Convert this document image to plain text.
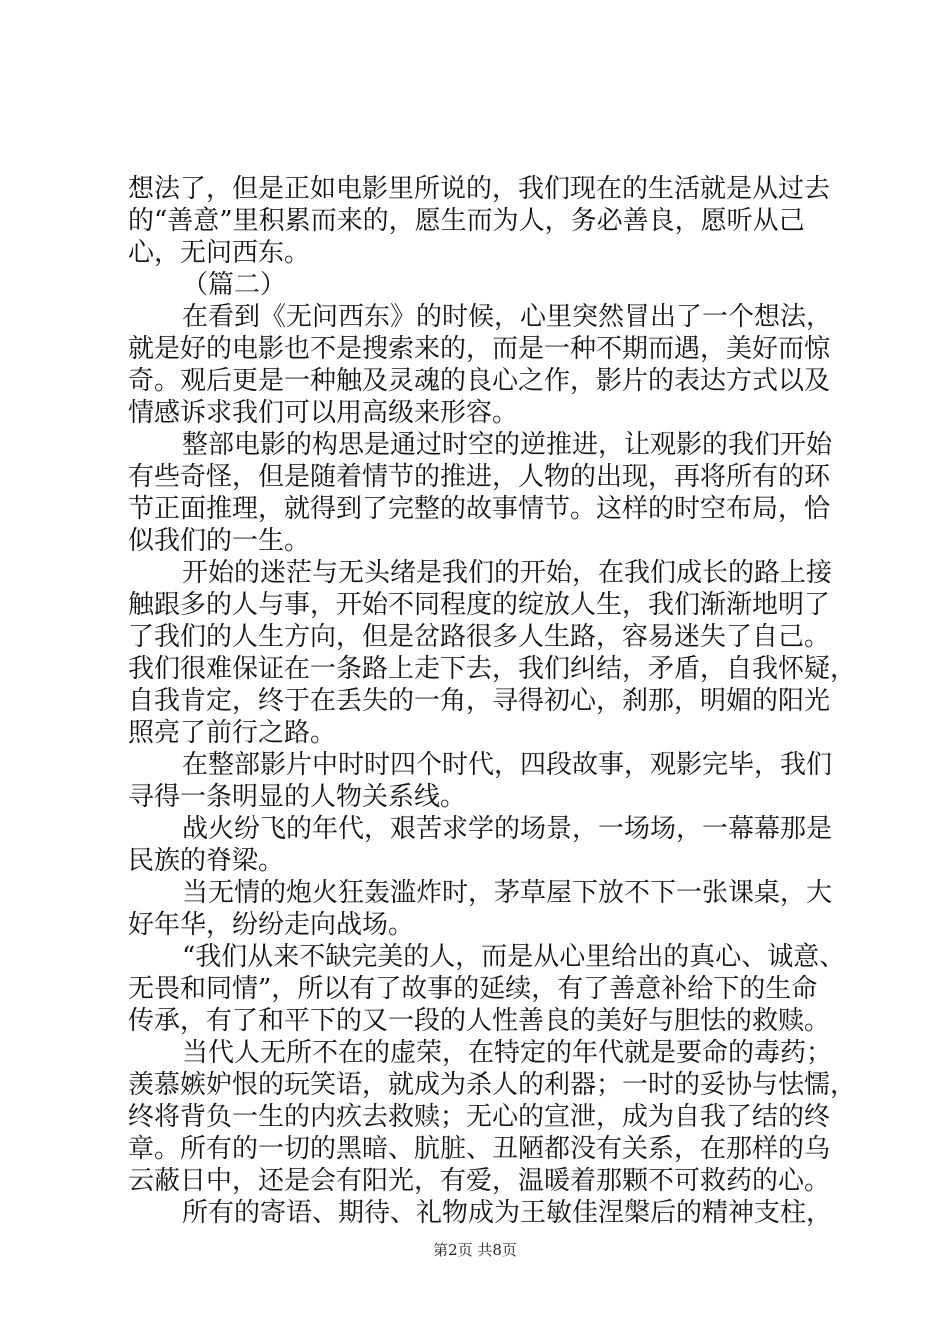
想法了，但是正如电影里所说的，我们现在的生活就是从过去
的“善意”里积累而来的，愿生而为人，务必善良，愿听从己
心，无问西东。
（篇二）
在看到《无问西东》的时候，心里突然冒出了一个想法，
就是好的电影也不是搜索来的，而是一种不期而遇，美好而惊
奇。观后更是一种触及灵魂的良心之作，影片的表达方式以及
情感诉求我们可以用高级来形容。
整部电影的构思是通过时空的逆推进，让观影的我们开始
有些奇怪，但是随着情节的推进，人物的出现，再将所有的环
节正面推理，就得到了完整的故事情节。这样的时空布局，恰
似我们的一生。
开始的迷茫与无头绪是我们的开始，在我们成长的路上接
触跟多的人与事，开始不同程度的绽放人生，我们渐渐地明了
了我们的人生方向，但是岔路很多人生路，容易迷失了自己。
我们很难保证在一条路上走下去，我们纠结，矛盾，自我怀疑，
自我肯定，终于在丢失的一角，寻得初心，刹那，明媚的阳光
照亮了前行之路。
在整部影片中时时四个时代，四段故事，观影完毕，我们
寻得一条明显的人物关系线。
战火纷飞的年代，艰苦求学的场景，一场场，一幕幕那是
民族的脊梁。
当无情的炮火狂轰滥炸时，茅草屋下放不下一张课桌，大
好年华，纷纷走向战场。
“我们从来不缺完美的人，而是从心里给出的真心、诚意、
无畏和同情”，所以有了故事的延续，有了善意补给下的生命
传承，有了和平下的又一段的人性善良的美好与胆怯的救赎。
当代人无所不在的虚荣，在特定的年代就是要命的毒药；
羡慕嫉妒恨的玩笑语，就成为杀人的利器；一时的妥协与怯懦，
终将背负一生的内疚去救赎；无心的宣泄，成为自我了结的终
章。所有的一切的黑暗、肮脏、丑陋都没有关系，在那样的乌
云蔽日中，还是会有阳光，有爱，温暖着那颗不可救药的心。
所有的寄语、期待、礼物成为王敏佳涅槃后的精神支柱，
第2页 共8页
